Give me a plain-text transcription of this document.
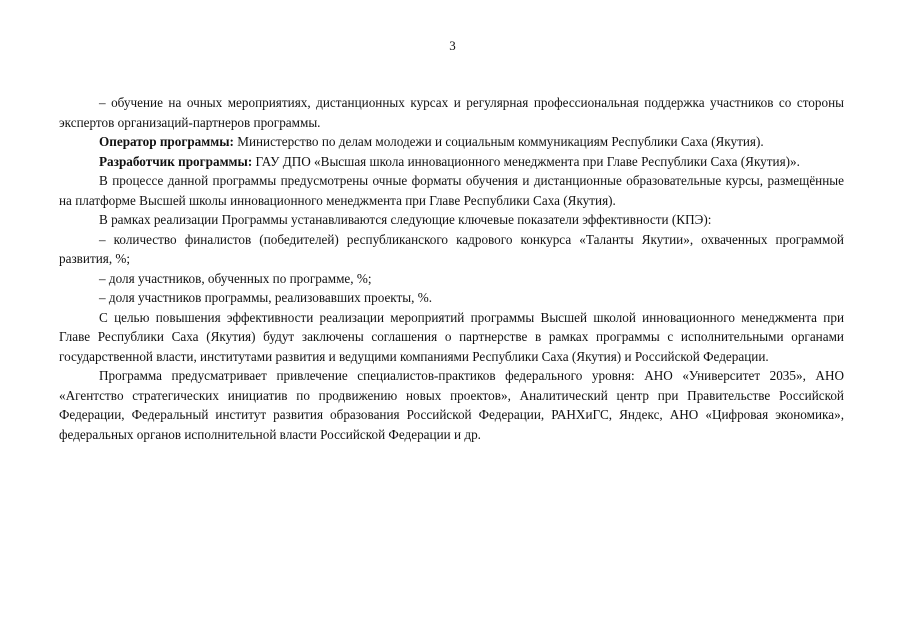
3

– обучение на очных мероприятиях, дистанционных курсах и регулярная профессиональная поддержка участников со стороны экспертов организаций-партнеров программы.

Оператор программы: Министерство по делам молодежи и социальным коммуникациям Республики Саха (Якутия).

Разработчик программы: ГАУ ДПО «Высшая школа инновационного менеджмента при Главе Республики Саха (Якутия)».

В процессе данной программы предусмотрены очные форматы обучения и дистанционные образовательные курсы, размещённые на платформе Высшей школы инновационного менеджмента при Главе Республики Саха (Якутия).

В рамках реализации Программы устанавливаются следующие ключевые показатели эффективности (КПЭ):

– количество финалистов (победителей) республиканского кадрового конкурса «Таланты Якутии», охваченных программой развития, %;

– доля участников, обученных по программе, %;

– доля участников программы, реализовавших проекты, %.

С целью повышения эффективности реализации мероприятий программы Высшей школой инновационного менеджмента при Главе Республики Саха (Якутия) будут заключены соглашения о партнерстве в рамках программы с исполнительными органами государственной власти, институтами развития и ведущими компаниями Республики Саха (Якутия) и Российской Федерации.

Программа предусматривает привлечение специалистов-практиков федерального уровня: АНО «Университет 2035», АНО «Агентство стратегических инициатив по продвижению новых проектов», Аналитический центр при Правительстве Российской Федерации, Федеральный институт развития образования Российской Федерации, РАНХиГС, Яндекс, АНО «Цифровая экономика», федеральных органов исполнительной власти Российской Федерации и др.
